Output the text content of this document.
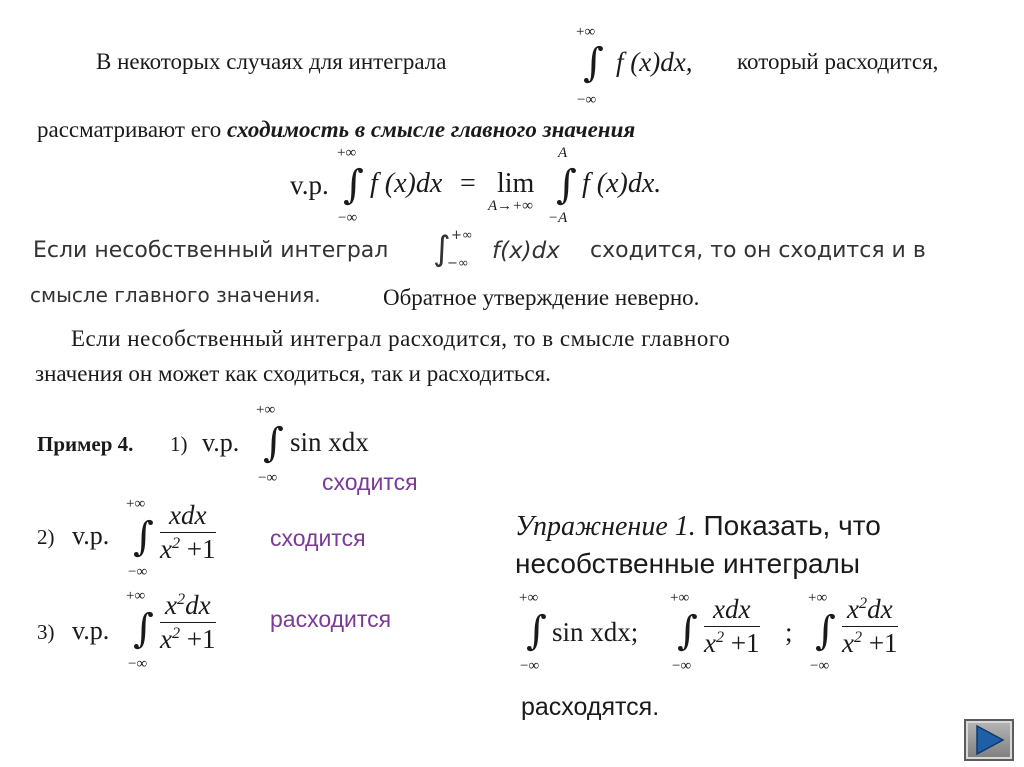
В некоторых случаях для интеграла
+∞
∫
−∞
f (x)dx, который расходится,
рассматривают его сходимость в смысле главного значения
v.p.
+∞
∫
−∞
f (x)dx = lim
A→+∞
A
∫
−A
f (x)dx.
Если несобственный интеграл ∫ +∞
−∞ f(x)dx сходится, то он сходится и в
смысле главного значения.	Обратное утверждение неверно.
Если несобственный интеграл расходится, то в смысле главного
значения он может как сходиться, так и расходиться.
Пример 4. 1) v.p.
+∞
∫
−∞
sin xdx
сходится
2) v.p.
+∞
∫
−∞
xdx
$x^2 +1$ сходится
3) v.p.
+∞
∫
−∞
$x^2dx$
$x^2 +1$
расходится
Упражнение 1. Показать, что
несобственные интегралы
+∞
∫
−∞
sin xdx;
+∞
∫
−∞
xdx
$x^2 +1$ ;
+∞
∫
−∞
$x^2dx$
$x^2 +1$
расходятся.
